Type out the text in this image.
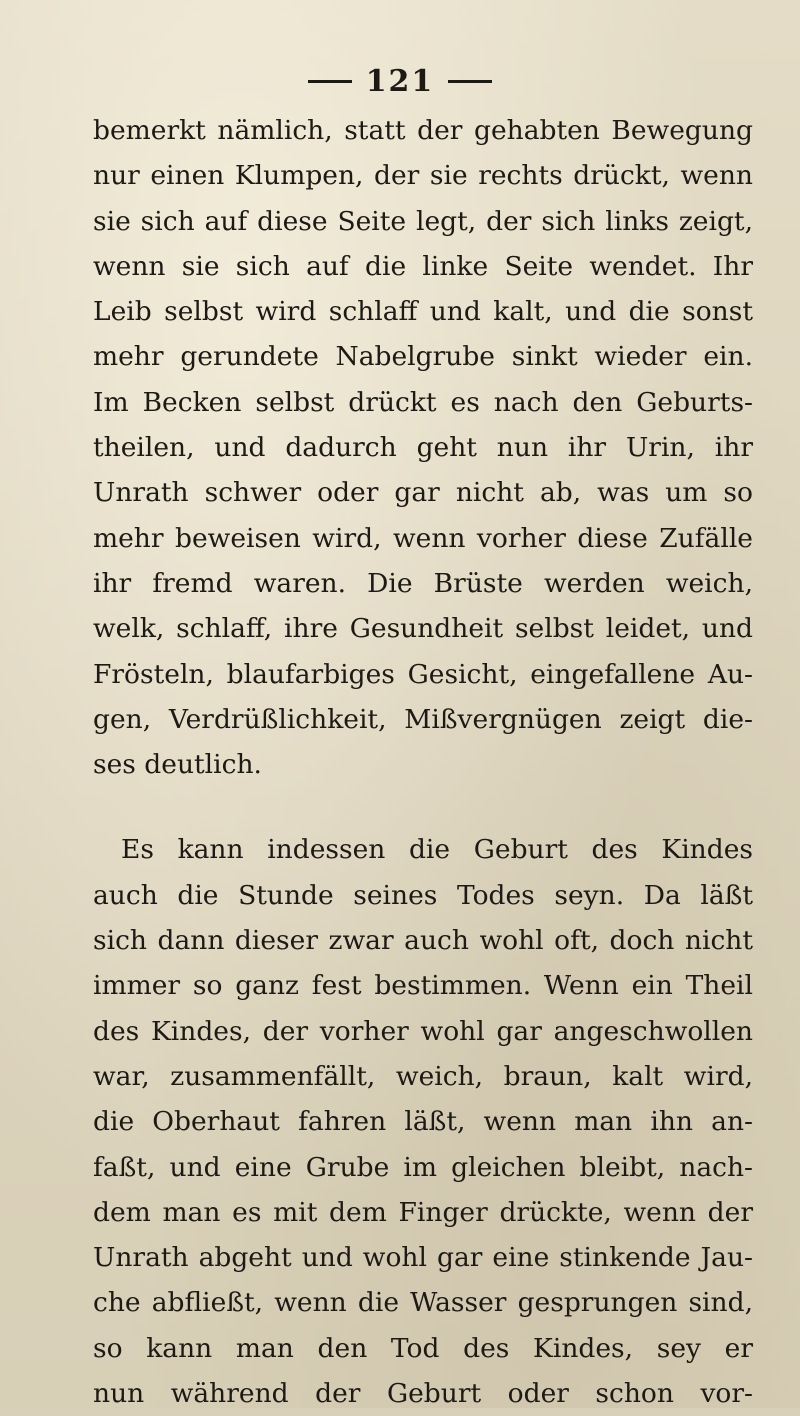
121
bemerkt nämlich, statt der gehabten Bewegung
nur einen Klumpen, der sie rechts drückt, wenn
sie sich auf diese Seite legt, der sich links zeigt,
wenn sie sich auf die linke Seite wendet. Ihr
Leib selbst wird schlaff und kalt, und die sonst
mehr gerundete Nabelgrube sinkt wieder ein.
Im Becken selbst drückt es nach den Geburts-
theilen, und dadurch geht nun ihr Urin, ihr
Unrath schwer oder gar nicht ab, was um so
mehr beweisen wird, wenn vorher diese Zufälle
ihr fremd waren. Die Brüste werden weich,
welk, schlaff, ihre Gesundheit selbst leidet, und
Frösteln, blaufarbiges Gesicht, eingefallene Au-
gen, Verdrüßlichkeit, Mißvergnügen zeigt die-
ses deutlich.
Es kann indessen die Geburt des Kindes
auch die Stunde seines Todes seyn. Da läßt
sich dann dieser zwar auch wohl oft, doch nicht
immer so ganz fest bestimmen. Wenn ein Theil
des Kindes, der vorher wohl gar angeschwollen
war, zusammenfällt, weich, braun, kalt wird,
die Oberhaut fahren läßt, wenn man ihn an-
faßt, und eine Grube im gleichen bleibt, nach-
dem man es mit dem Finger drückte, wenn der
Unrath abgeht und wohl gar eine stinkende Jau-
che abfließt, wenn die Wasser gesprungen sind,
so kann man den Tod des Kindes, sey er
nun während der Geburt oder schon vor-
